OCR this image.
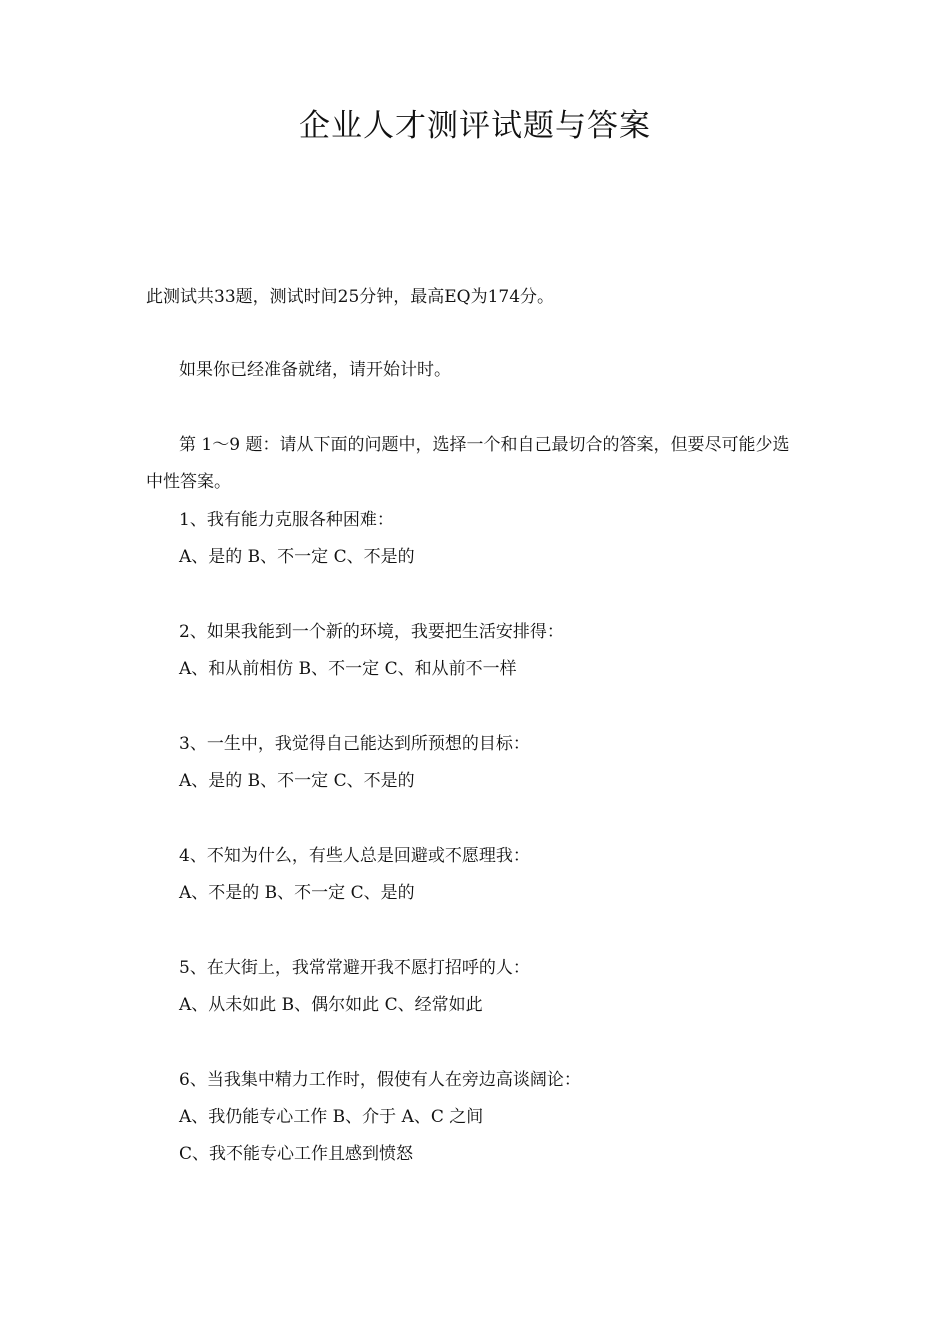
企业人才测评试题与答案
此测试共33题，测试时间25分钟，最高EQ为174分。
如果你已经准备就绪，请开始计时。
第 1～9 题：请从下面的问题中，选择一个和自己最切合的答案，但要尽可能少选
中性答案。
1、我有能力克服各种困难：
A、是的 B、不一定 C、不是的
2、如果我能到一个新的环境，我要把生活安排得：
A、和从前相仿 B、不一定 C、和从前不一样
3、一生中，我觉得自己能达到所预想的目标：
A、是的 B、不一定 C、不是的
4、不知为什么，有些人总是回避或不愿理我：
A、不是的 B、不一定 C、是的
5、在大街上，我常常避开我不愿打招呼的人：
A、从未如此 B、偶尔如此 C、经常如此
6、当我集中精力工作时，假使有人在旁边高谈阔论：
A、我仍能专心工作 B、介于 A、C 之间
C、我不能专心工作且感到愤怒
